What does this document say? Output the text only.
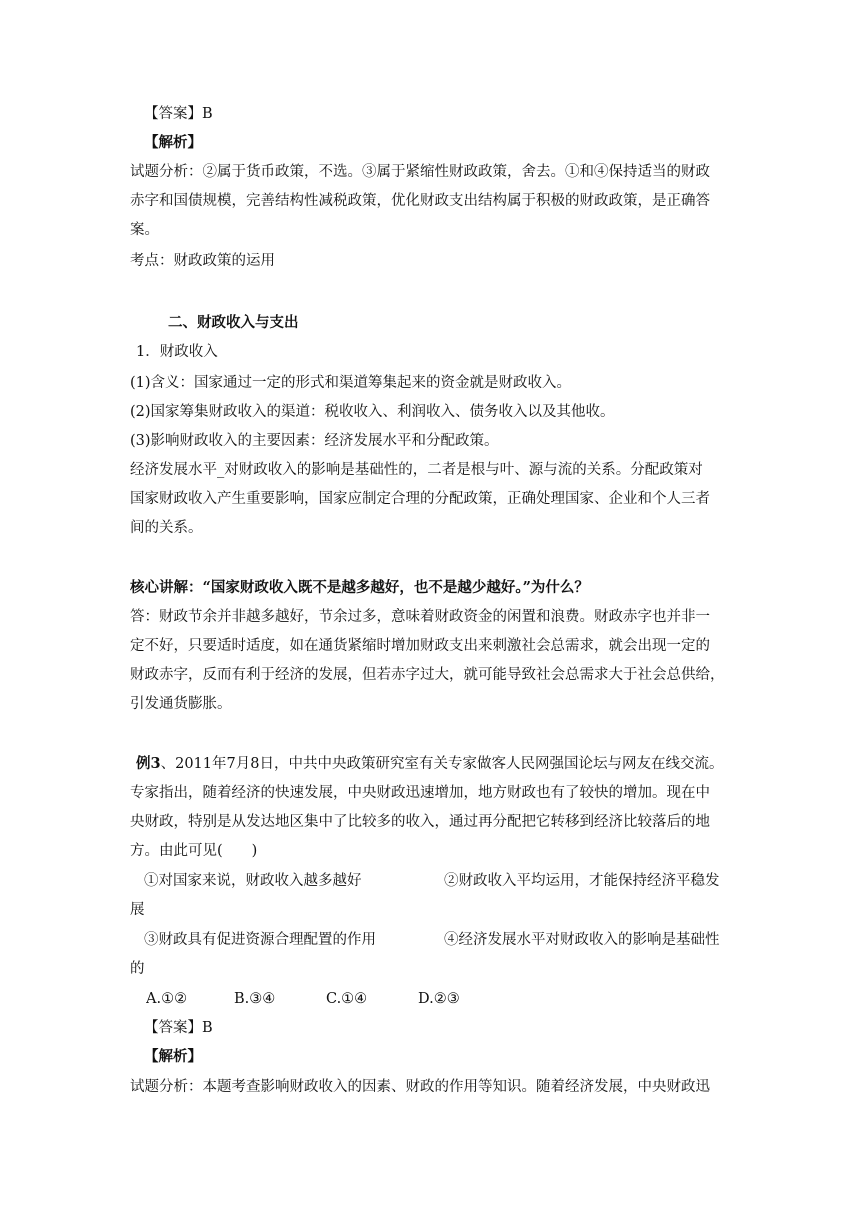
【答案】B
【解析】
试题分析：②属于货币政策，不选。③属于紧缩性财政政策，舍去。①和④保持适当的财政
赤字和国债规模，完善结构性减税政策，优化财政支出结构属于积极的财政政策，是正确答
案。
考点：财政政策的运用
二、财政收入与支出
1．财政收入
(1)含义：国家通过一定的形式和渠道筹集起来的资金就是财政收入。
(2)国家筹集财政收入的渠道：税收收入、利润收入、债务收入以及其他收。
(3)影响财政收入的主要因素：经济发展水平和分配政策。
经济发展水平_对财政收入的影响是基础性的，二者是根与叶、源与流的关系。分配政策对
国家财政收入产生重要影响，国家应制定合理的分配政策，正确处理国家、企业和个人三者
间的关系。
核心讲解：“国家财政收入既不是越多越好，也不是越少越好。”为什么？
答：财政节余并非越多越好，节余过多，意味着财政资金的闲置和浪费。财政赤字也并非一
定不好，只要适时适度，如在通货紧缩时增加财政支出来刺激社会总需求，就会出现一定的
财政赤字，反而有利于经济的发展，但若赤字过大，就可能导致社会总需求大于社会总供给，
引发通货膨胀。
例3、2011年7月8日，中共中央政策研究室有关专家做客人民网强国论坛与网友在线交流。
专家指出，随着经济的快速发展，中央财政迅速增加，地方财政也有了较快的增加。现在中
央财政，特别是从发达地区集中了比较多的收入，通过再分配把它转移到经济比较落后的地
方。由此可见(　　)
①对国家来说，财政收入越多越好	②财政收入平均运用，才能保持经济平稳发
展
③财政具有促进资源合理配置的作用	④经济发展水平对财政收入的影响是基础性
的
A.①②	B.③④	C.①④	D.②③
【答案】B
【解析】
试题分析：本题考查影响财政收入的因素、财政的作用等知识。随着经济发展，中央财政迅
